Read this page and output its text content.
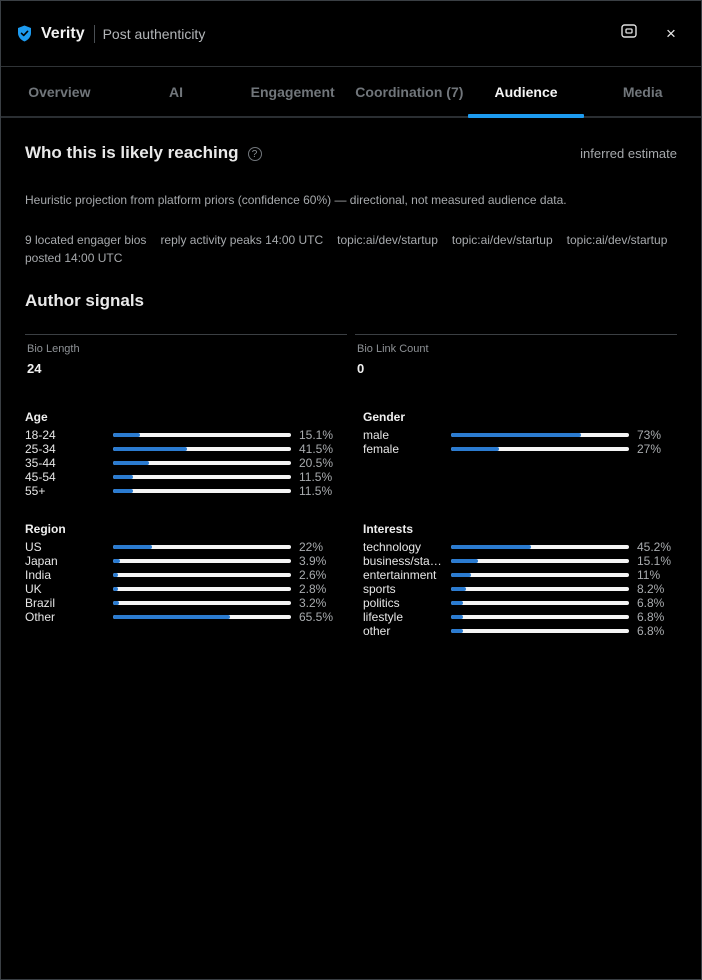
Verity Post authenticity	×
Overview	AI	Engagement	Coordination (7)	Audience	Media
Who this is likely reaching	?	inferred estimate
Heuristic projection from platform priors (confidence 60%) — directional, not measured audience data.
9 located engager bios reply activity peaks 14:00 UTC topic:ai/dev/startup topic:ai/dev/startup topic:ai/dev/startup
posted 14:00 UTC
Author signals
Bio Length
24
Bio Link Count
0
Age
18-24	15.1%
25-34	41.5%
35-44	20.5%
45-54	11.5%
55+	11.5%
Gender
male	73%
female	27%
Region
US	22%
Japan	3.9%
India	2.6%
UK	2.8%
Brazil	3.2%
Other	65.5%
Interests
technology	45.2%
business/sta…	15.1%
entertainment	11%
sports	8.2%
politics	6.8%
lifestyle	6.8%
other	6.8%
